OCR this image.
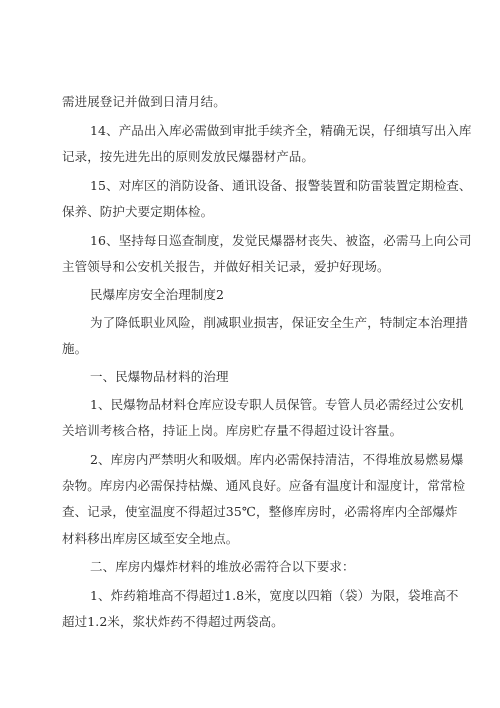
需进展登记并做到日清月结。
14、产品出入库必需做到审批手续齐全，精确无误，仔细填写出入库
记录，按先进先出的原则发放民爆器材产品。
15、对库区的消防设备、通讯设备、报警装置和防雷装置定期检查、
保养、防护犬要定期体检。
16、坚持每日巡查制度，发觉民爆器材丧失、被盗，必需马上向公司
主管领导和公安机关报告，并做好相关记录，爱护好现场。
民爆库房安全治理制度2
为了降低职业风险，削减职业损害，保证安全生产，特制定本治理措
施。
一、民爆物品材料的治理
1、民爆物品材料仓库应设专职人员保管。专管人员必需经过公安机
关培训考核合格，持证上岗。库房贮存量不得超过设计容量。
2、库房内严禁明火和吸烟。库内必需保持清洁，不得堆放易燃易爆
杂物。库房内必需保持枯燥、通风良好。应备有温度计和湿度计，常常检
查、记录，使室温度不得超过35℃，整修库房时，必需将库内全部爆炸
材料移出库房区域至安全地点。
二、库房内爆炸材料的堆放必需符合以下要求：
1、炸药箱堆高不得超过1.8米，宽度以四箱（袋）为限，袋堆高不
超过1.2米，浆状炸药不得超过两袋高。
